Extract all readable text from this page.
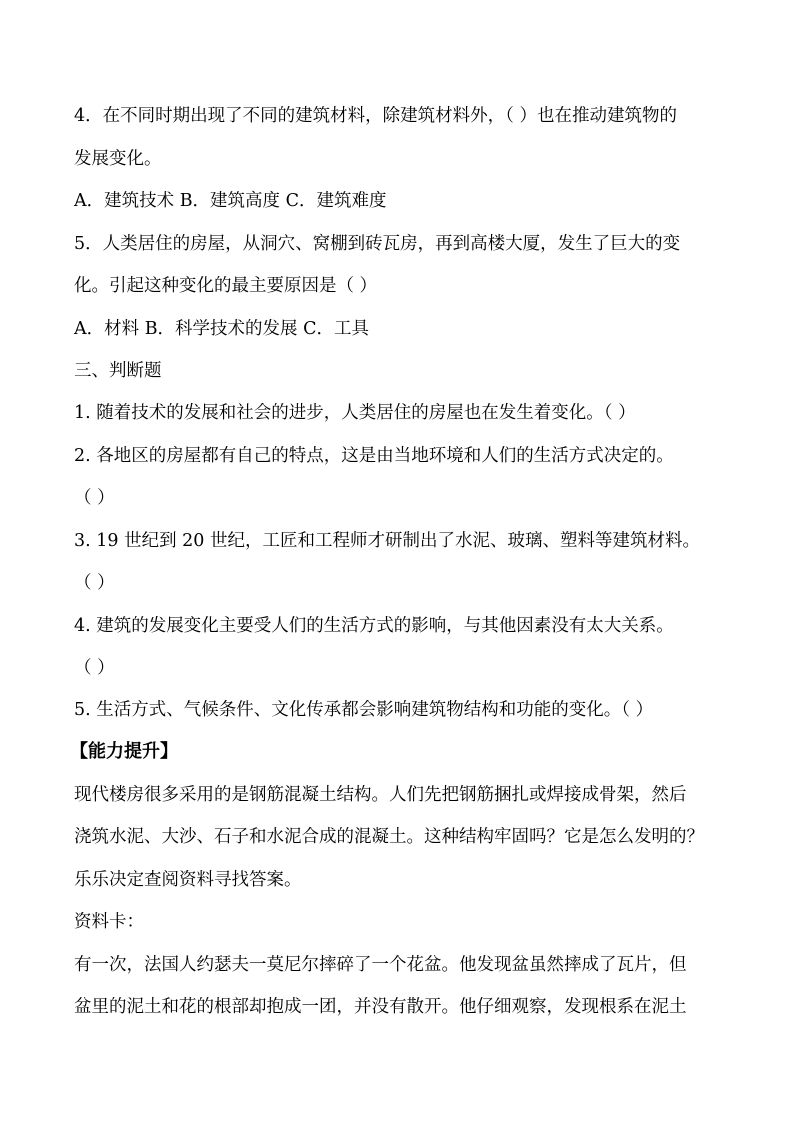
4．在不同时期出现了不同的建筑材料，除建筑材料外，（ ）也在推动建筑物的
发展变化。
A．建筑技术 B．建筑高度 C．建筑难度
5．人类居住的房屋，从洞穴、窝棚到砖瓦房，再到高楼大厦，发生了巨大的变
化。引起这种变化的最主要原因是（ ）
A．材料 B．科学技术的发展 C．工具
三、判断题
1. 随着技术的发展和社会的进步，人类居住的房屋也在发生着变化。（ ）
2. 各地区的房屋都有自己的特点，这是由当地环境和人们的生活方式决定的。
（ ）
3. 19 世纪到 20 世纪，工匠和工程师才研制出了水泥、玻璃、塑料等建筑材料。
（ ）
4. 建筑的发展变化主要受人们的生活方式的影响，与其他因素没有太大关系。
（ ）
5. 生活方式、气候条件、文化传承都会影响建筑物结构和功能的变化。（ ）
【能力提升】
现代楼房很多采用的是钢筋混凝土结构。人们先把钢筋捆扎或焊接成骨架，然后
浇筑水泥、大沙、石子和水泥合成的混凝土。这种结构牢固吗？它是怎么发明的？
乐乐决定查阅资料寻找答案。
资料卡：
有一次，法国人约瑟夫一莫尼尔摔碎了一个花盆。他发现盆虽然摔成了瓦片，但
盆里的泥土和花的根部却抱成一团，并没有散开。他仔细观察，发现根系在泥土
